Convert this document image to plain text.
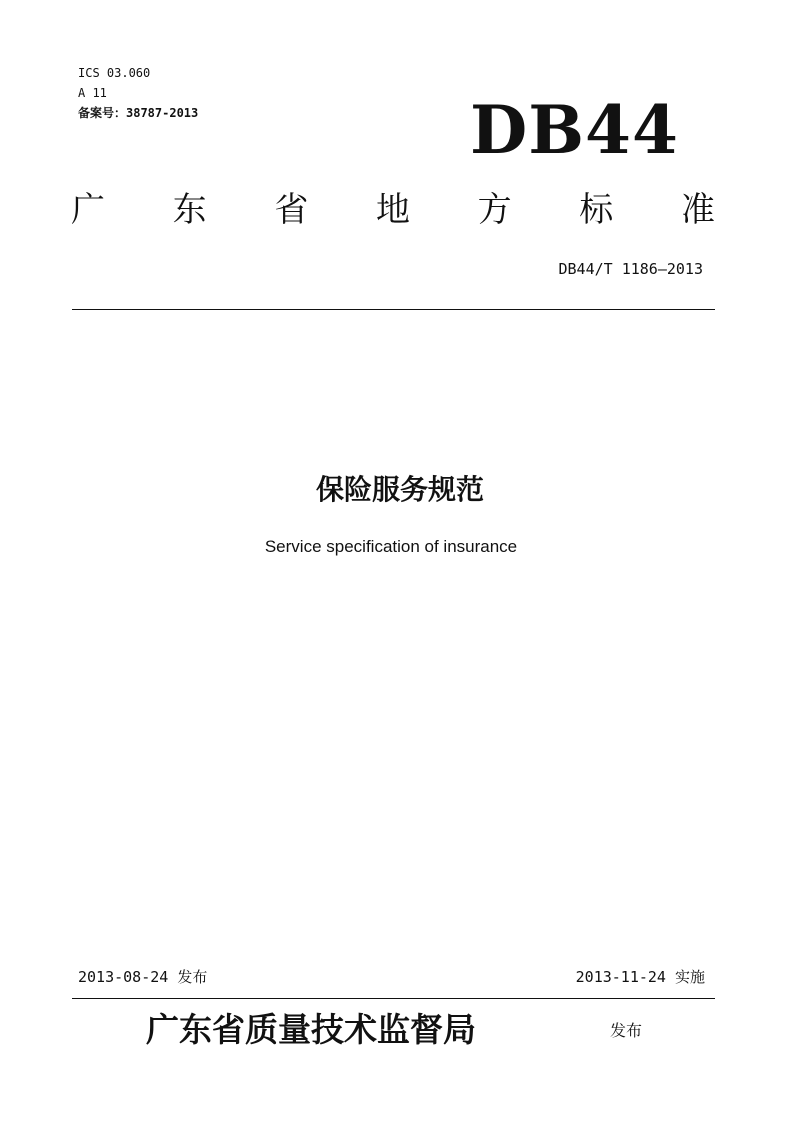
ICS 03.060
A 11
备案号：38787-2013	DB44
广 东 省 地 方 标 准
DB44/T 1186—2013
保险服务规范
Service specification of insurance
2013-08-24 发布	2013-11-24 实施
广东省质量技术监督局	发布
